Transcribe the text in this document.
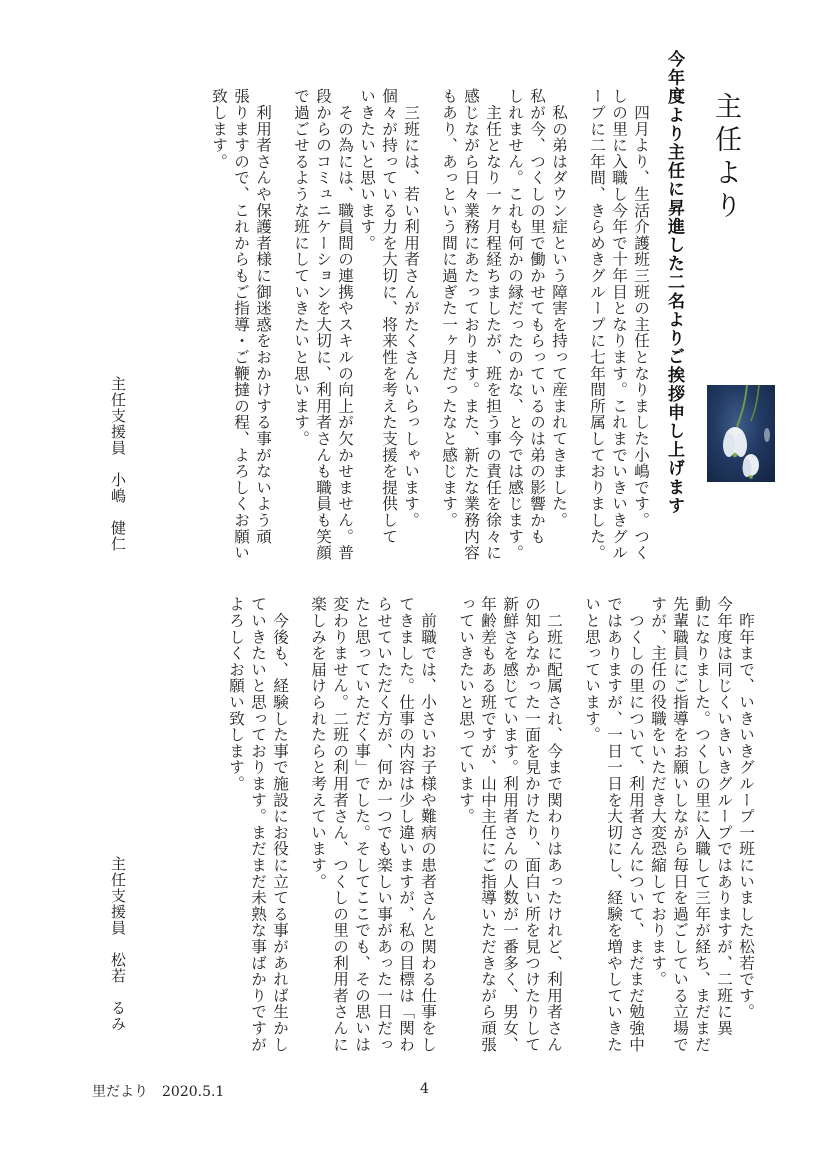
主任より
今年度より主任に昇進した二名よりご挨拶申し上げます
　四月より、生活介護班三班の主任となりました小嶋です。つく
しの里に入職し今年で十年目となります。これまでいきいきグル
ープに二年間、きらめきグループに七年間所属しておりました。
　私の弟はダウン症という障害を持って産まれてきました。
私が今、つくしの里で働かせてもらっているのは弟の影響かも
しれません。これも何かの縁だったのかな、と今では感じます。
　主任となり一ヶ月程経ちましたが、班を担う事の責任を徐々に
感じながら日々業務にあたっております。また、新たな業務内容
もあり、あっという間に過ぎた一ヶ月だったなと感じます。
　三班には、若い利用者さんがたくさんいらっしゃいます。
個々が持っている力を大切に、将来性を考えた支援を提供して
いきたいと思います。
　その為には、職員間の連携やスキルの向上が欠かせません。普
段からのコミュニケーションを大切に、利用者さんも職員も笑顔
で過ごせるような班にしていきたいと思います。
　利用者さんや保護者様に御迷惑をおかけする事がないよう頑
張りますので、これからもご指導・ご鞭撻の程、よろしくお願い
致します。
主任支援員　小嶋　健仁
　昨年まで、いきいきグループ一班にいました松若です。
今年度は同じくいきいきグループではありますが、二班に異
動になりました。つくしの里に入職して三年が経ち、まだまだ
先輩職員にご指導をお願いしながら毎日を過ごしている立場で
すが、主任の役職をいただき大変恐縮しております。
　つくしの里について、利用者さんについて、まだまだ勉強中
ではありますが、一日一日を大切にし、経験を増やしていきた
いと思っています。
　二班に配属され、今まで関わりはあったけれど、利用者さん
の知らなかった一面を見かけたり、面白い所を見つけたりして
新鮮さを感じています。利用者さんの人数が一番多く、男女、
年齢差もある班ですが、山中主任にご指導いただきながら頑張
っていきたいと思っています。
　前職では、小さいお子様や難病の患者さんと関わる仕事をし
てきました。仕事の内容は少し違いますが、私の目標は「関わ
らせていただく方が、何か一つでも楽しい事があった一日だっ
たと思っていただく事」でした。そしてここでも、その思いは
変わりません。二班の利用者さん、つくしの里の利用者さんに
楽しみを届けられたらと考えています。
　今後も、経験した事で施設にお役に立てる事があれば生かし
ていきたいと思っております。まだまだ未熟な事ばかりですが
よろしくお願い致します。
主任支援員　松若　るみ
里だより　2020.5.1	4
